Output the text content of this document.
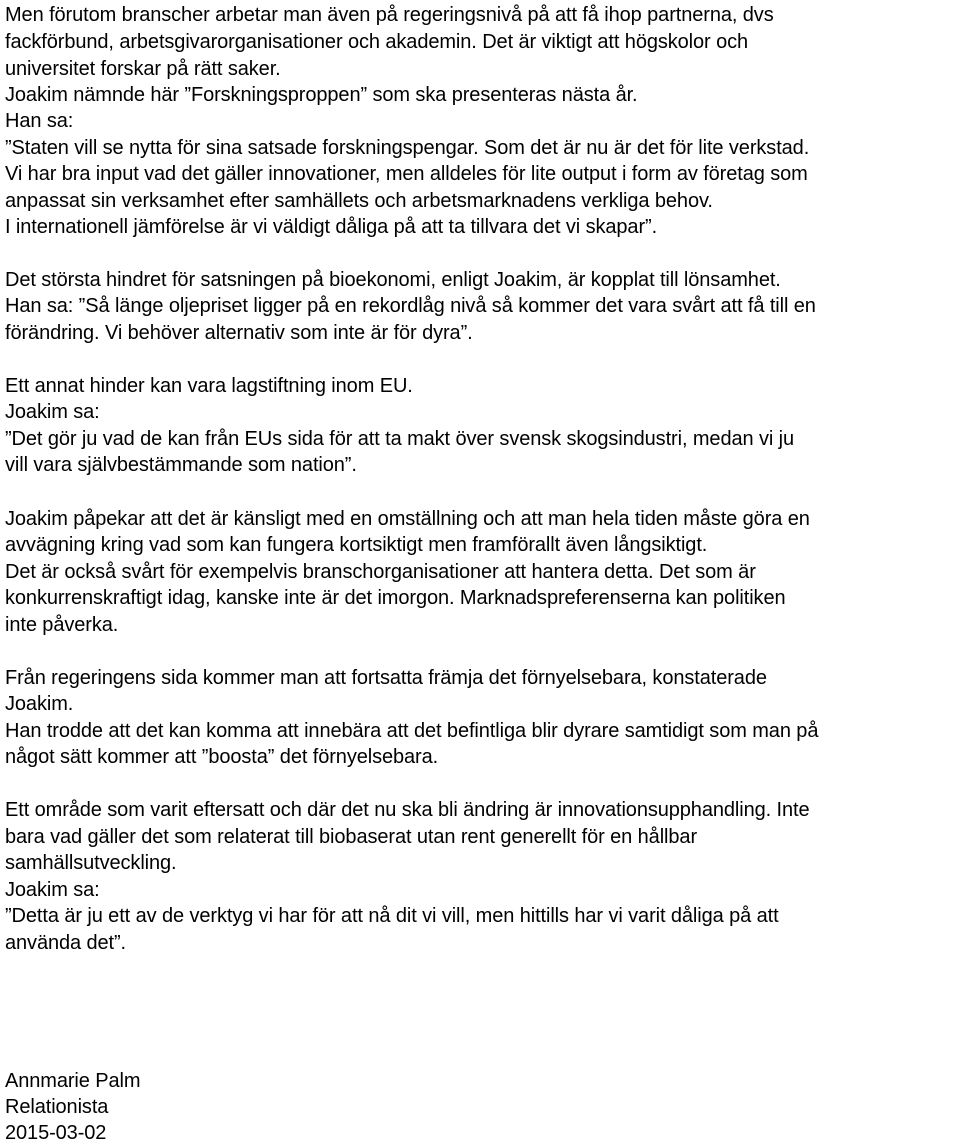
Men förutom branscher arbetar man även på regeringsnivå på att få ihop partnerna, dvs

fackförbund, arbetsgivarorganisationer och akademin. Det är viktigt att högskolor och

universitet forskar på rätt saker.

Joakim nämnde här ”Forskningsproppen” som ska presenteras nästa år.

Han sa:

”Staten vill se nytta för sina satsade forskningspengar. Som det är nu är det för lite verkstad.

Vi har bra input vad det gäller innovationer, men alldeles för lite output i form av företag som

anpassat sin verksamhet efter samhällets och arbetsmarknadens verkliga behov.

I internationell jämförelse är vi väldigt dåliga på att ta tillvara det vi skapar”.

Det största hindret för satsningen på bioekonomi, enligt Joakim, är kopplat till lönsamhet.

Han sa: ”Så länge oljepriset ligger på en rekordlåg nivå så kommer det vara svårt att få till en

förändring. Vi behöver alternativ som inte är för dyra”.

Ett annat hinder kan vara lagstiftning inom EU.

Joakim sa:

”Det gör ju vad de kan från EUs sida för att ta makt över svensk skogsindustri, medan vi ju

vill vara självbestämmande som nation”.

Joakim påpekar att det är känsligt med en omställning och att man hela tiden måste göra en

avvägning kring vad som kan fungera kortsiktigt men framförallt även långsiktigt.

Det är också svårt för exempelvis branschorganisationer att hantera detta. Det som är

konkurrenskraftigt idag, kanske inte är det imorgon. Marknadspreferenserna kan politiken

inte påverka.

Från regeringens sida kommer man att fortsatta främja det förnyelsebara, konstaterade

Joakim.

Han trodde att det kan komma att innebära att det befintliga blir dyrare samtidigt som man på

något sätt kommer att ”boosta” det förnyelsebara.

Ett område som varit eftersatt och där det nu ska bli ändring är innovationsupphandling. Inte

bara vad gäller det som relaterat till biobaserat utan rent generellt för en hållbar

samhällsutveckling.

Joakim sa:

”Detta är ju ett av de verktyg vi har för att nå dit vi vill, men hittills har vi varit dåliga på att

använda det”.

Annmarie Palm

Relationista

2015-03-02
